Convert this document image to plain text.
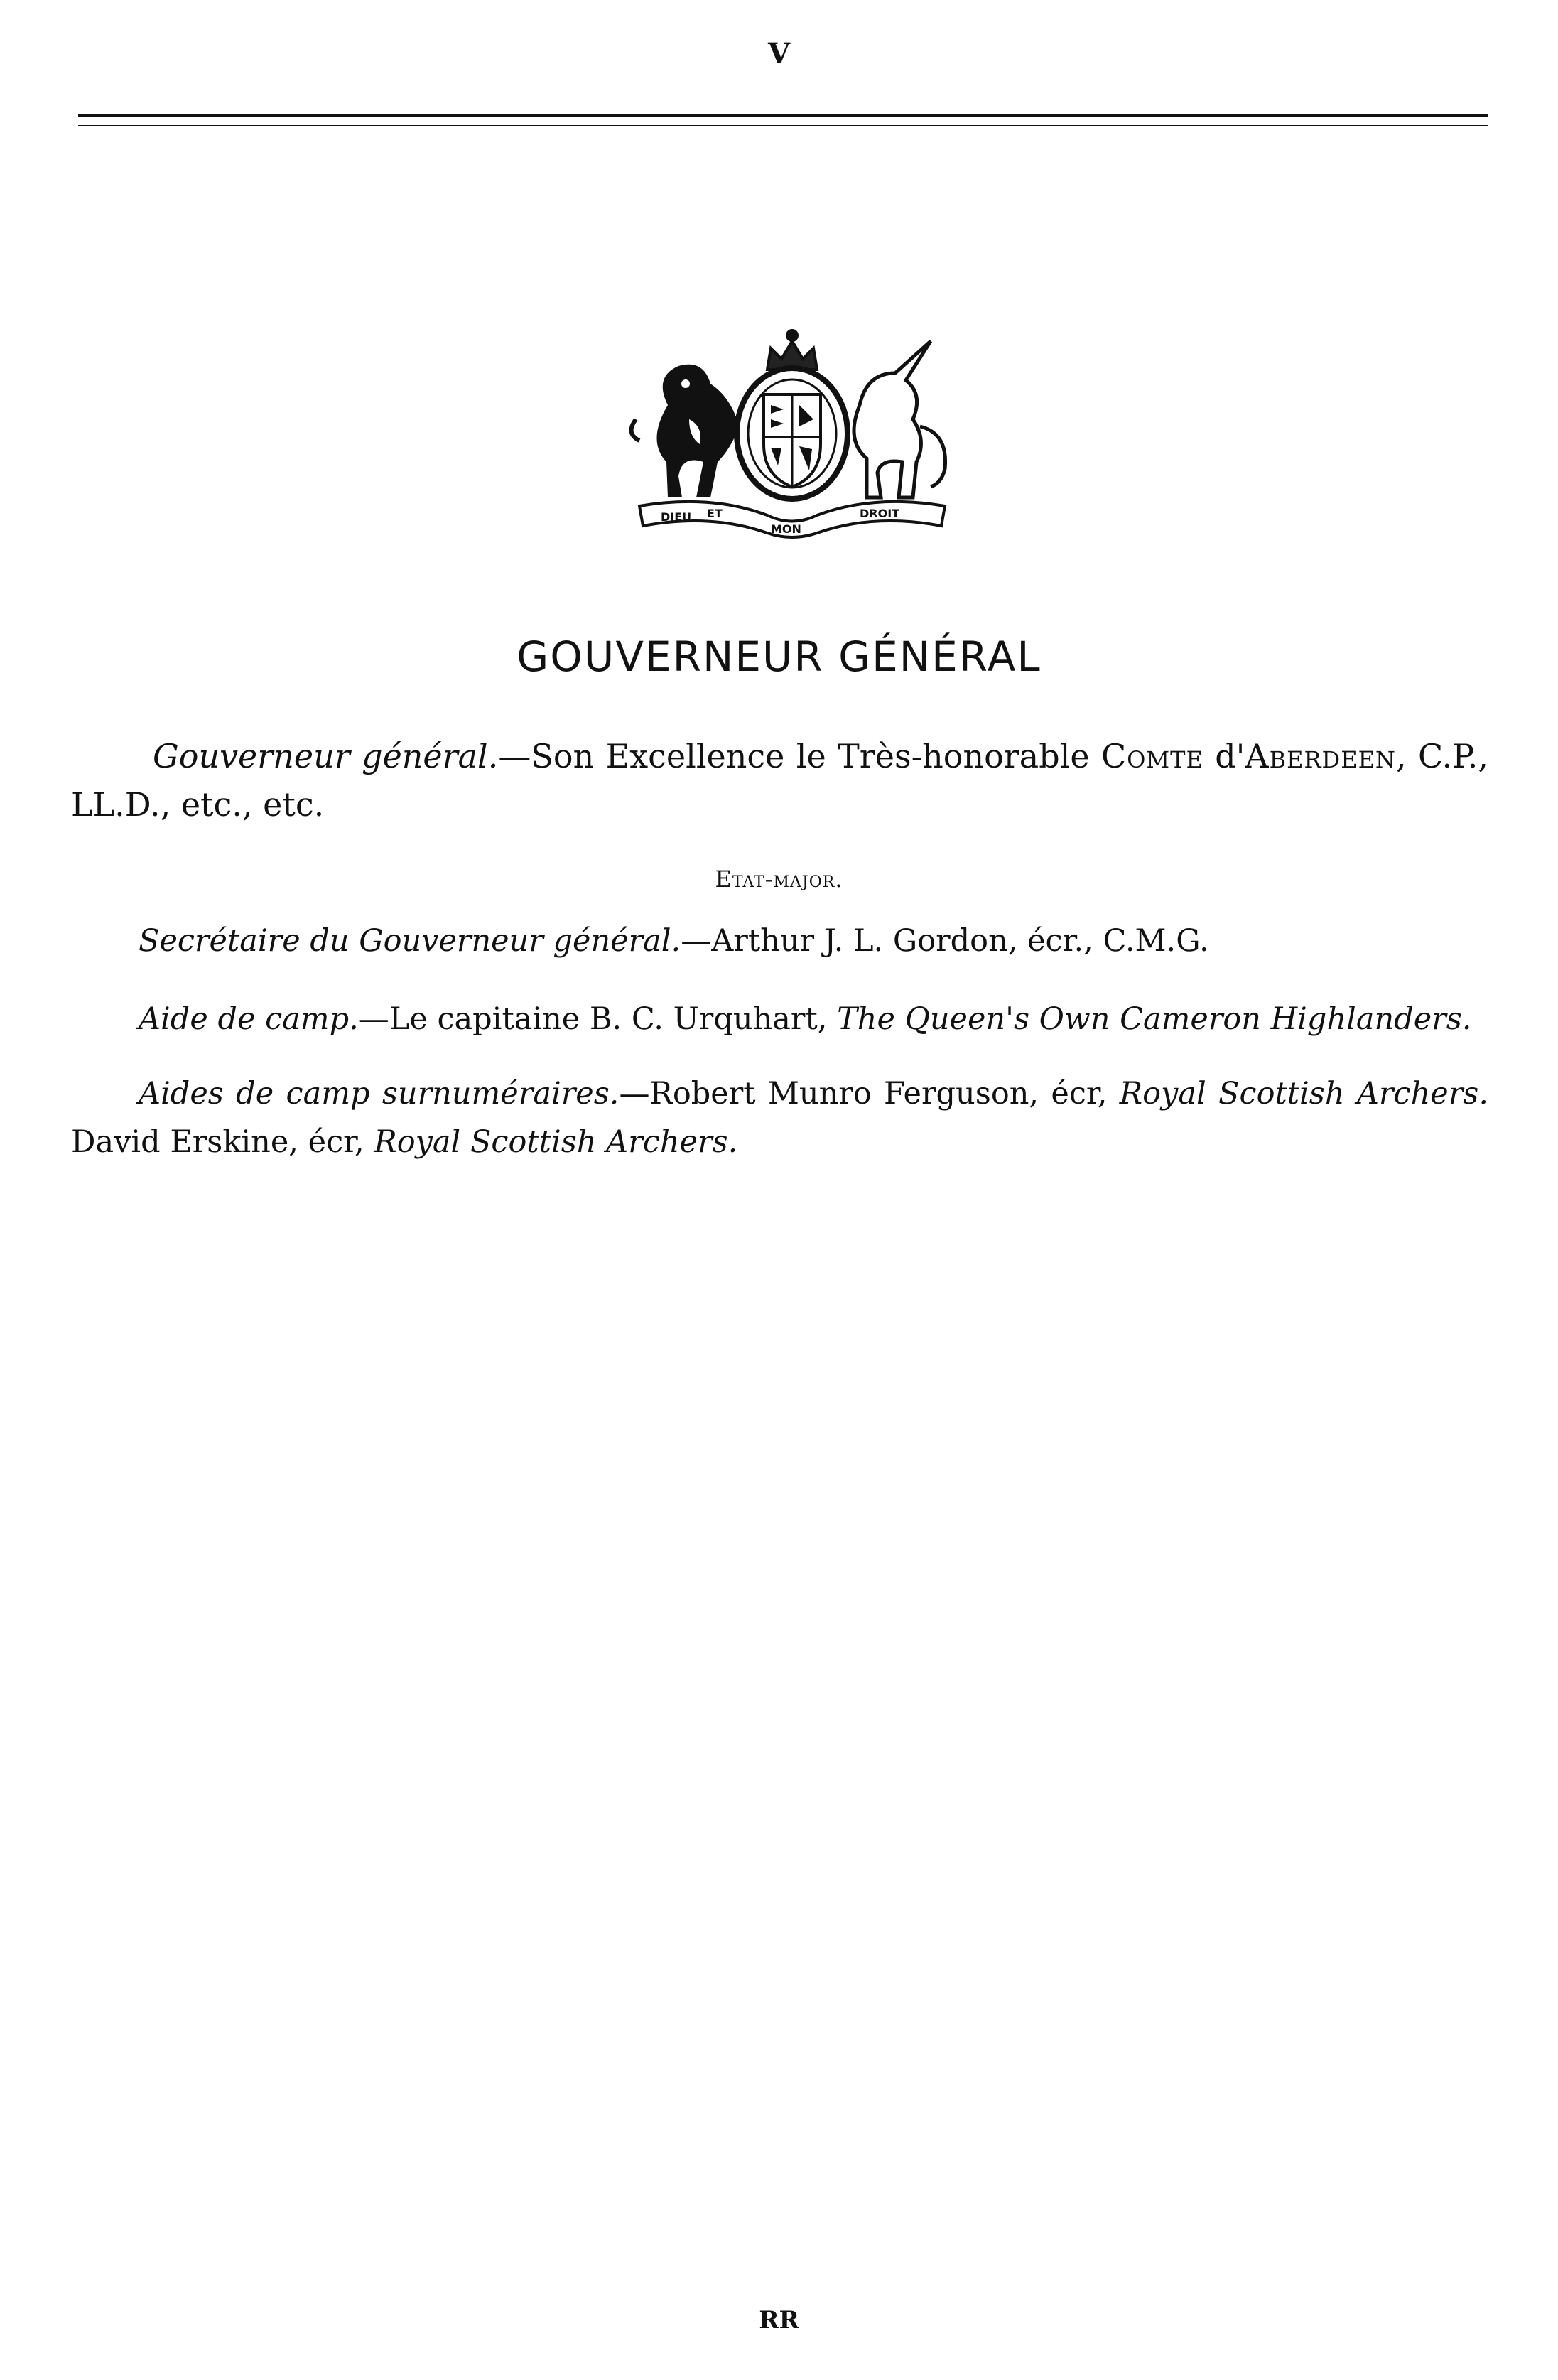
V
DIEU ET
MON
DROIT
GOUVERNEUR GÉNÉRAL
Gouverneur général.—Son Excellence le Très-honorable Comte d'Aberdeen, C.P., LL.D., etc., etc.
Etat-major.
Secrétaire du Gouverneur général.—Arthur J. L. Gordon, écr., C.M.G.
Aide de camp.—Le capitaine B. C. Urquhart, The Queen's Own Cameron Highlanders.
Aides de camp surnuméraires.—Robert Munro Ferguson, écr, Royal Scottish Archers. David Erskine, écr, Royal Scottish Archers.
RR
